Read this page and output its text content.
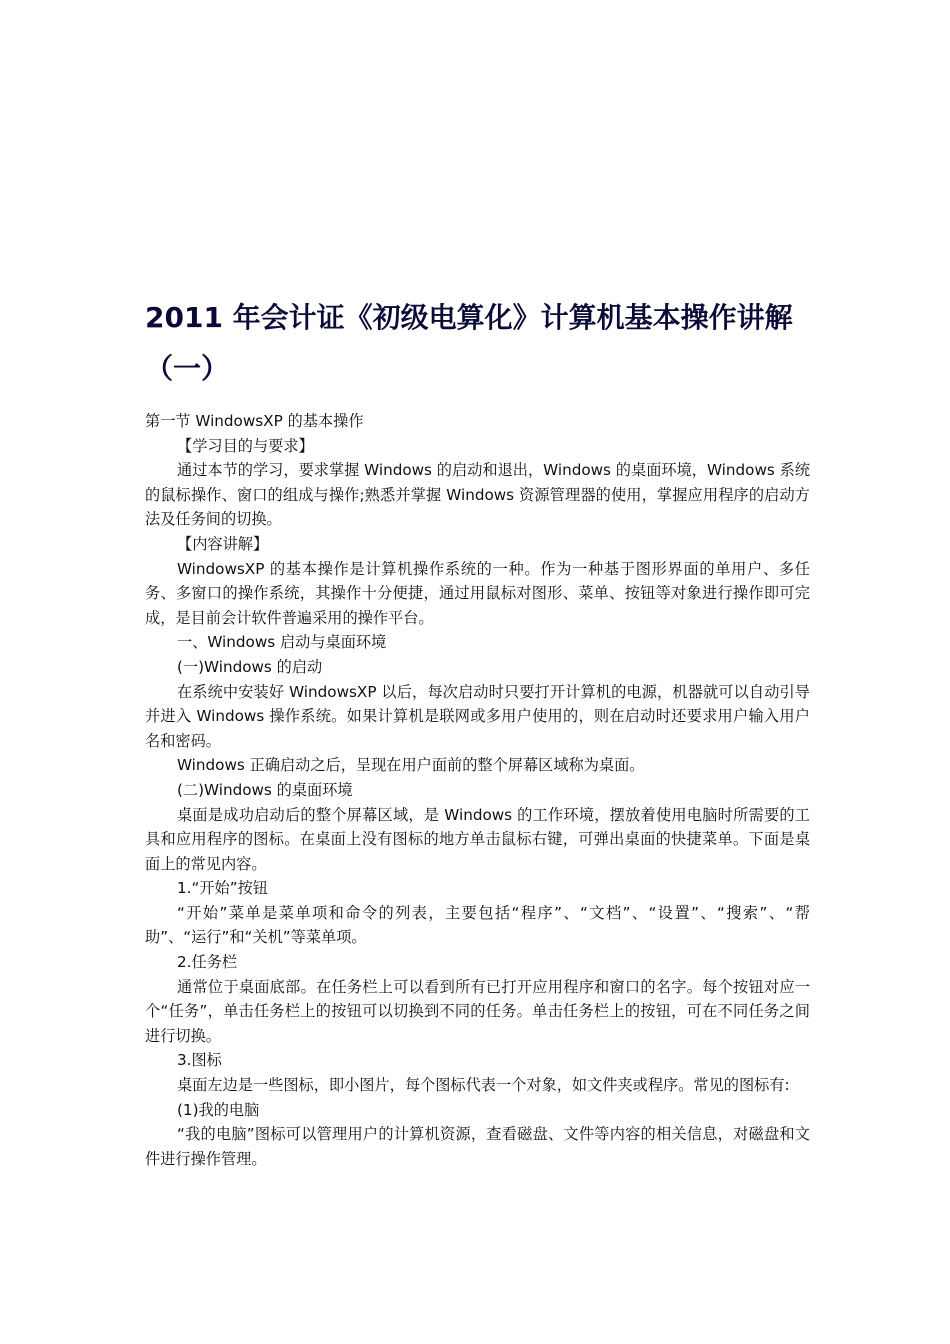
2011 年会计证《初级电算化》计算机基本操作讲解
（一）

第一节 WindowsXP 的基本操作

【学习目的与要求】

通过本节的学习，要求掌握 Windows 的启动和退出，Windows 的桌面环境，Windows 系统的鼠标操作、窗口的组成与操作;熟悉并掌握 Windows 资源管理器的使用，掌握应用程序的启动方法及任务间的切换。

【内容讲解】

WindowsXP 的基本操作是计算机操作系统的一种。作为一种基于图形界面的单用户、多任务、多窗口的操作系统，其操作十分便捷，通过用鼠标对图形、菜单、按钮等对象进行操作即可完成，是目前会计软件普遍采用的操作平台。

一、Windows 启动与桌面环境

(一)Windows 的启动

在系统中安装好 WindowsXP 以后，每次启动时只要打开计算机的电源，机器就可以自动引导并进入 Windows 操作系统。如果计算机是联网或多用户使用的，则在启动时还要求用户输入用户名和密码。

Windows 正确启动之后，呈现在用户面前的整个屏幕区域称为桌面。

(二)Windows 的桌面环境

桌面是成功启动后的整个屏幕区域，是 Windows 的工作环境，摆放着使用电脑时所需要的工具和应用程序的图标。在桌面上没有图标的地方单击鼠标右键，可弹出桌面的快捷菜单。下面是桌面上的常见内容。

1.“开始”按钮

“开始”菜单是菜单项和命令的列表，主要包括“程序”、“文档”、“设置”、“搜索”、“帮助”、“运行”和“关机”等菜单项。

2.任务栏

通常位于桌面底部。在任务栏上可以看到所有已打开应用程序和窗口的名字。每个按钮对应一个“任务”，单击任务栏上的按钮可以切换到不同的任务。单击任务栏上的按钮，可在不同任务之间进行切换。

3.图标

桌面左边是一些图标，即小图片，每个图标代表一个对象，如文件夹或程序。常见的图标有:

(1)我的电脑

“我的电脑”图标可以管理用户的计算机资源，查看磁盘、文件等内容的相关信息，对磁盘和文件进行操作管理。
